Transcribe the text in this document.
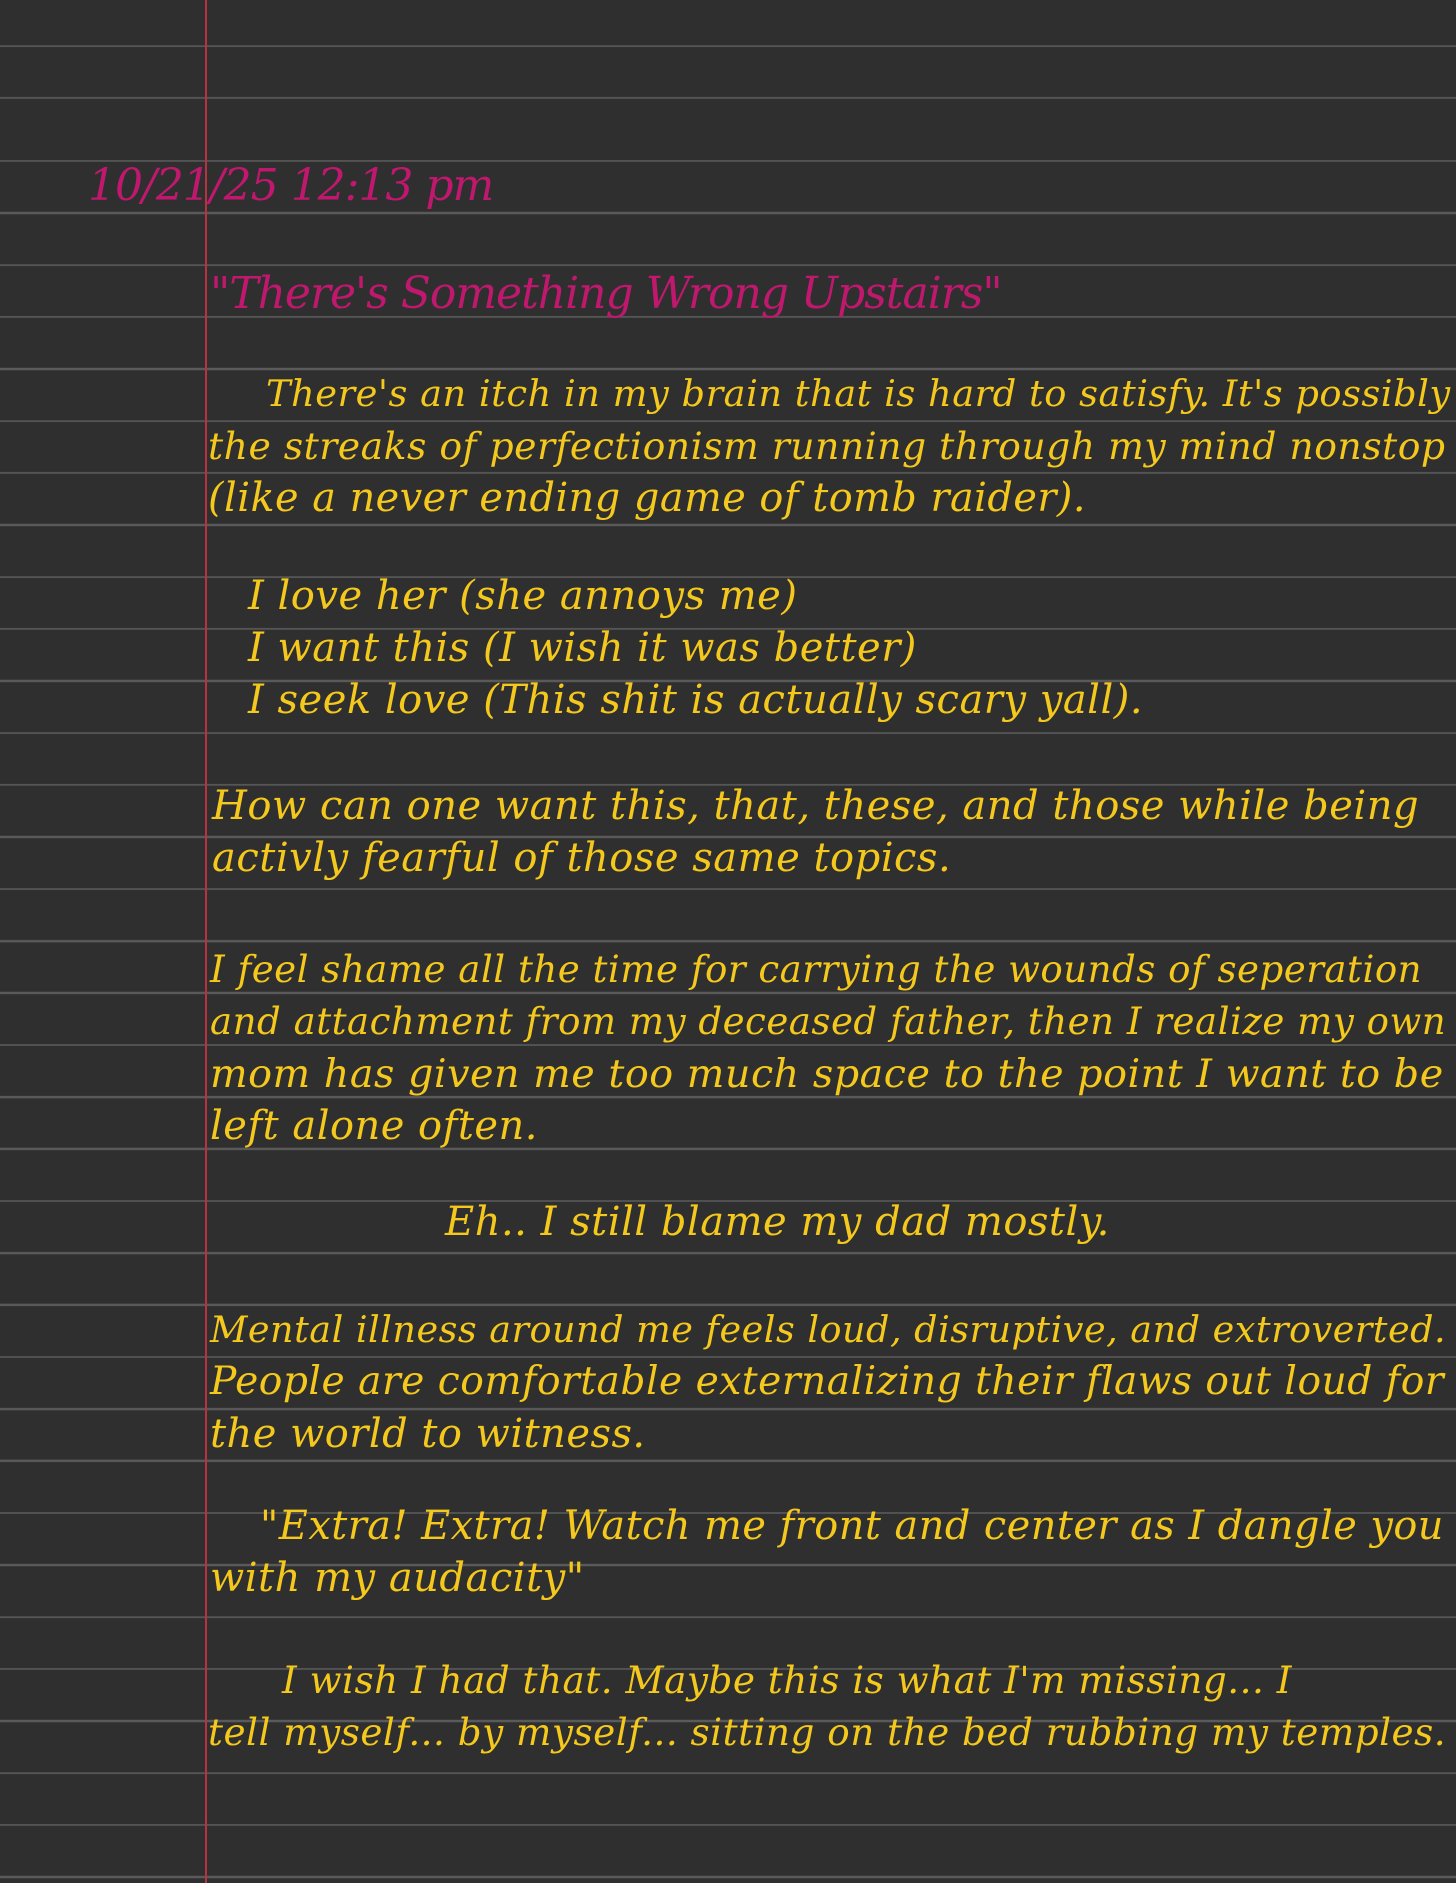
10/21/25 12:13 pm

"There's Something Wrong Upstairs"

There's an itch in my brain that is hard to satisfy. It's possibly

the streaks of perfectionism running through my mind nonstop

(like a never ending game of tomb raider).

I love her (she annoys me)

I want this (I wish it was better)

I seek love (This shit is actually scary yall).

How can one want this, that, these, and those while being

activly fearful of those same topics.

I feel shame all the time for carrying the wounds of seperation

and attachment from my deceased father, then I realize my own

mom has given me too much space to the point I want to be

left alone often.

Eh.. I still blame my dad mostly.

Mental illness around me feels loud, disruptive, and extroverted.

People are comfortable externalizing their flaws out loud for

the world to witness.

"Extra! Extra! Watch me front and center as I dangle you

with my audacity"

I wish I had that. Maybe this is what I'm missing... I

tell myself... by myself... sitting on the bed rubbing my temples.
